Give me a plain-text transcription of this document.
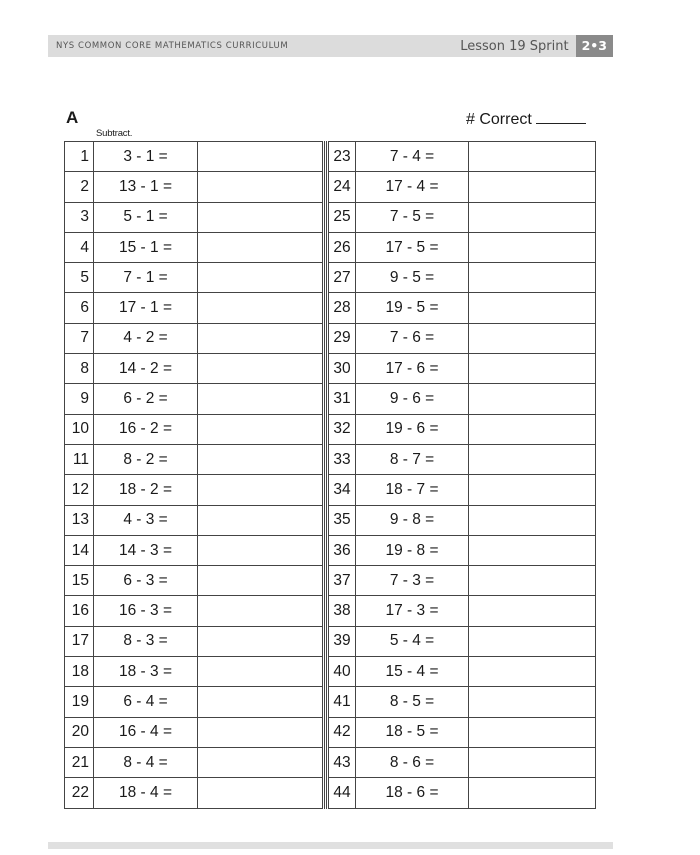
NYS COMMON CORE MATHEMATICS CURRICULUM	Lesson 19 Sprint	2•3
A	# Correct
Subtract.
1	3 - 1 =	
2	13 - 1 =	
3	5 - 1 =	
4	15 - 1 =	
5	7 - 1 =	
6	17 - 1 =	
7	4 - 2 =	
8	14 - 2 =	
9	6 - 2 =	
10	16 - 2 =	
11	8 - 2 =	
12	18 - 2 =	
13	4 - 3 =	
14	14 - 3 =	
15	6 - 3 =	
16	16 - 3 =	
17	8 - 3 =	
18	18 - 3 =	
19	6 - 4 =	
20	16 - 4 =	
21	8 - 4 =	
22	18 - 4 =	
23	7 - 4 =	
24	17 - 4 =	
25	7 - 5 =	
26	17 - 5 =	
27	9 - 5 =	
28	19 - 5 =	
29	7 - 6 =	
30	17 - 6 =	
31	9 - 6 =	
32	19 - 6 =	
33	8 - 7 =	
34	18 - 7 =	
35	9 - 8 =	
36	19 - 8 =	
37	7 - 3 =	
38	17 - 3 =	
39	5 - 4 =	
40	15 - 4 =	
41	8 - 5 =	
42	18 - 5 =	
43	8 - 6 =	
44	18 - 6 =	
